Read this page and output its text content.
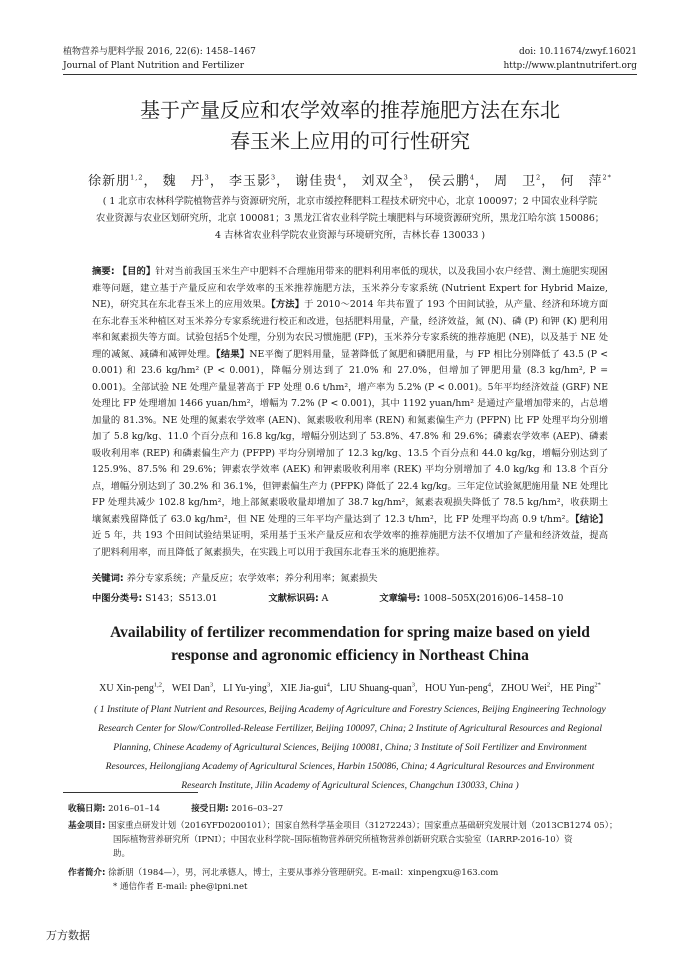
植物营养与肥料学报 2016, 22(6): 1458–1467
Journal of Plant Nutrition and Fertilizer
doi: 10.11674/zwyf.16021
http://www.plantnutrifert.org
基于产量反应和农学效率的推荐施肥方法在东北
春玉米上应用的可行性研究
徐新朋$^{1,2}$， 魏　丹$^3$， 李玉影$^3$， 谢佳贵$^4$， 刘双全$^3$， 侯云鹏$^4$， 周　卫$^2$， 何　萍$^{2*}$
( 1 北京市农林科学院植物营养与资源研究所，北京市缓控释肥料工程技术研究中心，北京 100097；2 中国农业科学院
农业资源与农业区划研究所，北京 100081；3 黑龙江省农业科学院土壤肥料与环境资源研究所，黑龙江哈尔滨 150086；
4 吉林省农业科学院农业资源与环境研究所，吉林长春 130033 )
摘要: 【目的】针对当前我国玉米生产中肥料不合理施用带来的肥料利用率低的现状，以及我国小农户经营、测土施肥实现困难等问题，建立基于产量反应和农学效率的玉米推荐施肥方法，玉米养分专家系统 (Nutrient Expert for Hybrid Maize, NE)，研究其在东北春玉米上的应用效果。【方法】于 2010～2014 年共布置了 193 个田间试验，从产量、经济和环境方面在东北春玉米种植区对玉米养分专家系统进行校正和改进，包括肥料用量，产量，经济效益，氮 (N)、磷 (P) 和钾 (K) 肥利用率和氮素损失等方面。试验包括5个处理，分别为农民习惯施肥 (FP)，玉米养分专家系统的推荐施肥 (NE)，以及基于 NE 处理的减氮、减磷和减钾处理。【结果】NE平衡了肥料用量，显著降低了氮肥和磷肥用量，与 FP 相比分别降低了 43.5 (P < 0.001) 和 23.6 kg/hm² (P < 0.001)，降幅分别达到了 21.0% 和 27.0%，但增加了钾肥用量 (8.3 kg/hm², P = 0.001)。全部试验 NE 处理产量显著高于 FP 处理 0.6 t/hm²，增产率为 5.2% (P < 0.001)。5年平均经济效益 (GRF) NE 处理比 FP 处理增加 1466 yuan/hm²，增幅为 7.2% (P < 0.001)，其中 1192 yuan/hm² 是通过产量增加带来的，占总增加量的 81.3%。NE 处理的氮素农学效率 (AEN)、氮素吸收利用率 (REN) 和氮素偏生产力 (PFPN) 比 FP 处理平均分别增加了 5.8 kg/kg、11.0 个百分点和 16.8 kg/kg，增幅分别达到了 53.8%、47.8% 和 29.6%；磷素农学效率 (AEP)、磷素吸收利用率 (REP) 和磷素偏生产力 (PFPP) 平均分别增加了 12.3 kg/kg、13.5 个百分点和 44.0 kg/kg，增幅分别达到了 125.9%、87.5% 和 29.6%；钾素农学效率 (AEK) 和钾素吸收利用率 (REK) 平均分别增加了 4.0 kg/kg 和 13.8 个百分点，增幅分别达到了 30.2% 和 36.1%，但钾素偏生产力 (PFPK) 降低了 22.4 kg/kg。三年定位试验氮肥施用量 NE 处理比 FP 处理共减少 102.8 kg/hm²，地上部氮素吸收量却增加了 38.7 kg/hm²，氮素表观损失降低了 78.5 kg/hm²，收获期土壤氮素残留降低了 63.0 kg/hm²，但 NE 处理的三年平均产量达到了 12.3 t/hm²，比 FP 处理平均高 0.9 t/hm²。【结论】近 5 年，共 193 个田间试验结果证明，采用基于玉米产量反应和农学效率的推荐施肥方法不仅增加了产量和经济效益，提高了肥料利用率，而且降低了氮素损失，在实践上可以用于我国东北春玉米的施肥推荐。
关键词: 养分专家系统；产量反应；农学效率；养分利用率；氮素损失
中图分类号: S143；S513.01	文献标识码: A	文章编号: 1008–505X(2016)06–1458–10
Availability of fertilizer recommendation for spring maize based on yield
response and agronomic efficiency in Northeast China
XU Xin-peng$^{1,2}$,   WEI Dan$^3$,   LI Yu-ying$^3$,   XIE Jia-gui$^4$,   LIU Shuang-quan$^3$,   HOU Yun-peng$^4$,   ZHOU Wei$^2$,   HE Ping$^{2*}$
( 1 Institute of Plant Nutrient and Resources, Beijing Academy of Agriculture and Forestry Sciences, Beijing Engineering Technology
Research Center for Slow/Controlled-Release Fertilizer, Beijing 100097, China; 2 Institute of Agricultural Resources and Regional
Planning, Chinese Academy of Agricultural Sciences, Beijing 100081, China; 3 Institute of Soil Fertilizer and Environment
Resources, Heilongjiang Academy of Agricultural Sciences, Harbin 150086, China; 4 Agricultural Resources and Environment
Research Institute, Jilin Academy of Agricultural Sciences, Changchun 130033, China )
收稿日期: 2016–01–14	接受日期: 2016–03–27
基金项目: 国家重点研发计划（2016YFD0200101）；国家自然科学基金项目（31272243）；国家重点基础研究发展计划（2013CB1274 05）；
国际植物营养研究所（IPNI）；中国农业科学院–国际植物营养研究所植物营养创新研究联合实验室（IARRP-2016-10）资
助。
作者简介: 徐新朋（1984—），男，河北承德人，博士，主要从事养分管理研究。E-mail：xinpengxu@163.com
* 通信作者 E-mail: phe@ipni.net
万方数据
